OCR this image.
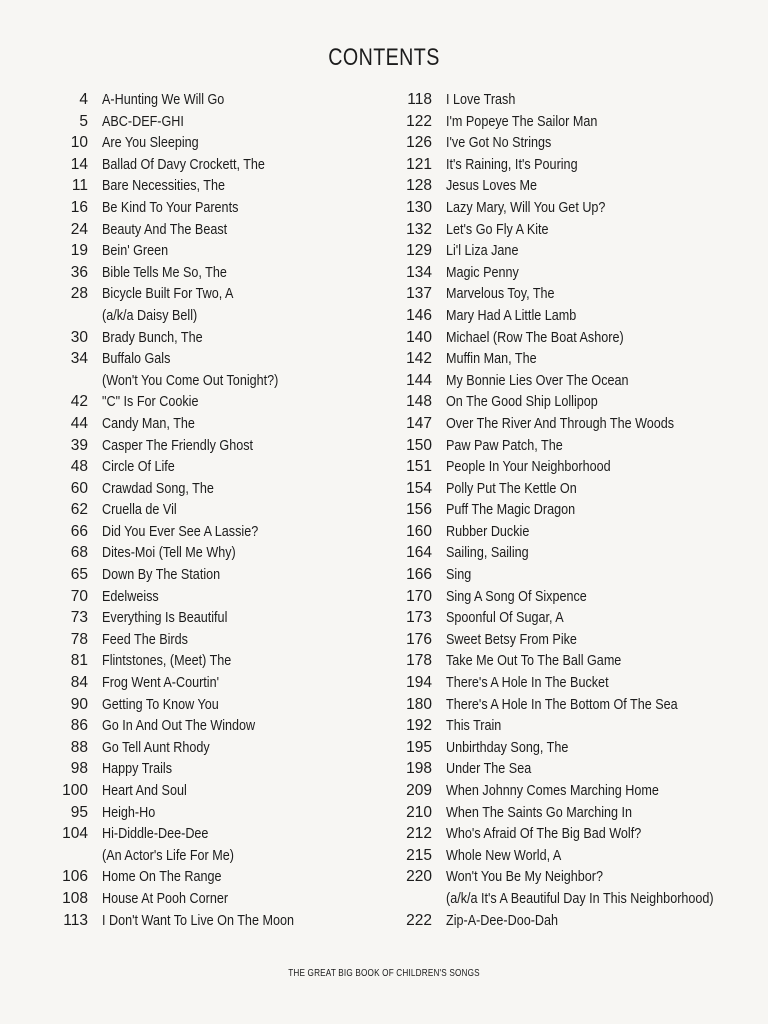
CONTENTS
4 A-Hunting We Will Go
5 ABC-DEF-GHI
10 Are You Sleeping
14 Ballad Of Davy Crockett, The
11 Bare Necessities, The
16 Be Kind To Your Parents
24 Beauty And The Beast
19 Bein' Green
36 Bible Tells Me So, The
28 Bicycle Built For Two, A
(a/k/a Daisy Bell)
30 Brady Bunch, The
34 Buffalo Gals
(Won't You Come Out Tonight?)
42 "C" Is For Cookie
44 Candy Man, The
39 Casper The Friendly Ghost
48 Circle Of Life
60 Crawdad Song, The
62 Cruella de Vil
66 Did You Ever See A Lassie?
68 Dites-Moi (Tell Me Why)
65 Down By The Station
70 Edelweiss
73 Everything Is Beautiful
78 Feed The Birds
81 Flintstones, (Meet) The
84 Frog Went A-Courtin'
90 Getting To Know You
86 Go In And Out The Window
88 Go Tell Aunt Rhody
98 Happy Trails
100 Heart And Soul
95 Heigh-Ho
104 Hi-Diddle-Dee-Dee
(An Actor's Life For Me)
106 Home On The Range
108 House At Pooh Corner
113 I Don't Want To Live On The Moon
118 I Love Trash
122 I'm Popeye The Sailor Man
126 I've Got No Strings
121 It's Raining, It's Pouring
128 Jesus Loves Me
130 Lazy Mary, Will You Get Up?
132 Let's Go Fly A Kite
129 Li'l Liza Jane
134 Magic Penny
137 Marvelous Toy, The
146 Mary Had A Little Lamb
140 Michael (Row The Boat Ashore)
142 Muffin Man, The
144 My Bonnie Lies Over The Ocean
148 On The Good Ship Lollipop
147 Over The River And Through The Woods
150 Paw Paw Patch, The
151 People In Your Neighborhood
154 Polly Put The Kettle On
156 Puff The Magic Dragon
160 Rubber Duckie
164 Sailing, Sailing
166 Sing
170 Sing A Song Of Sixpence
173 Spoonful Of Sugar, A
176 Sweet Betsy From Pike
178 Take Me Out To The Ball Game
194 There's A Hole In The Bucket
180 There's A Hole In The Bottom Of The Sea
192 This Train
195 Unbirthday Song, The
198 Under The Sea
209 When Johnny Comes Marching Home
210 When The Saints Go Marching In
212 Who's Afraid Of The Big Bad Wolf?
215 Whole New World, A
220 Won't You Be My Neighbor?
(a/k/a It's A Beautiful Day In This Neighborhood)
222 Zip-A-Dee-Doo-Dah
THE GREAT BIG BOOK OF CHILDREN'S SONGS
